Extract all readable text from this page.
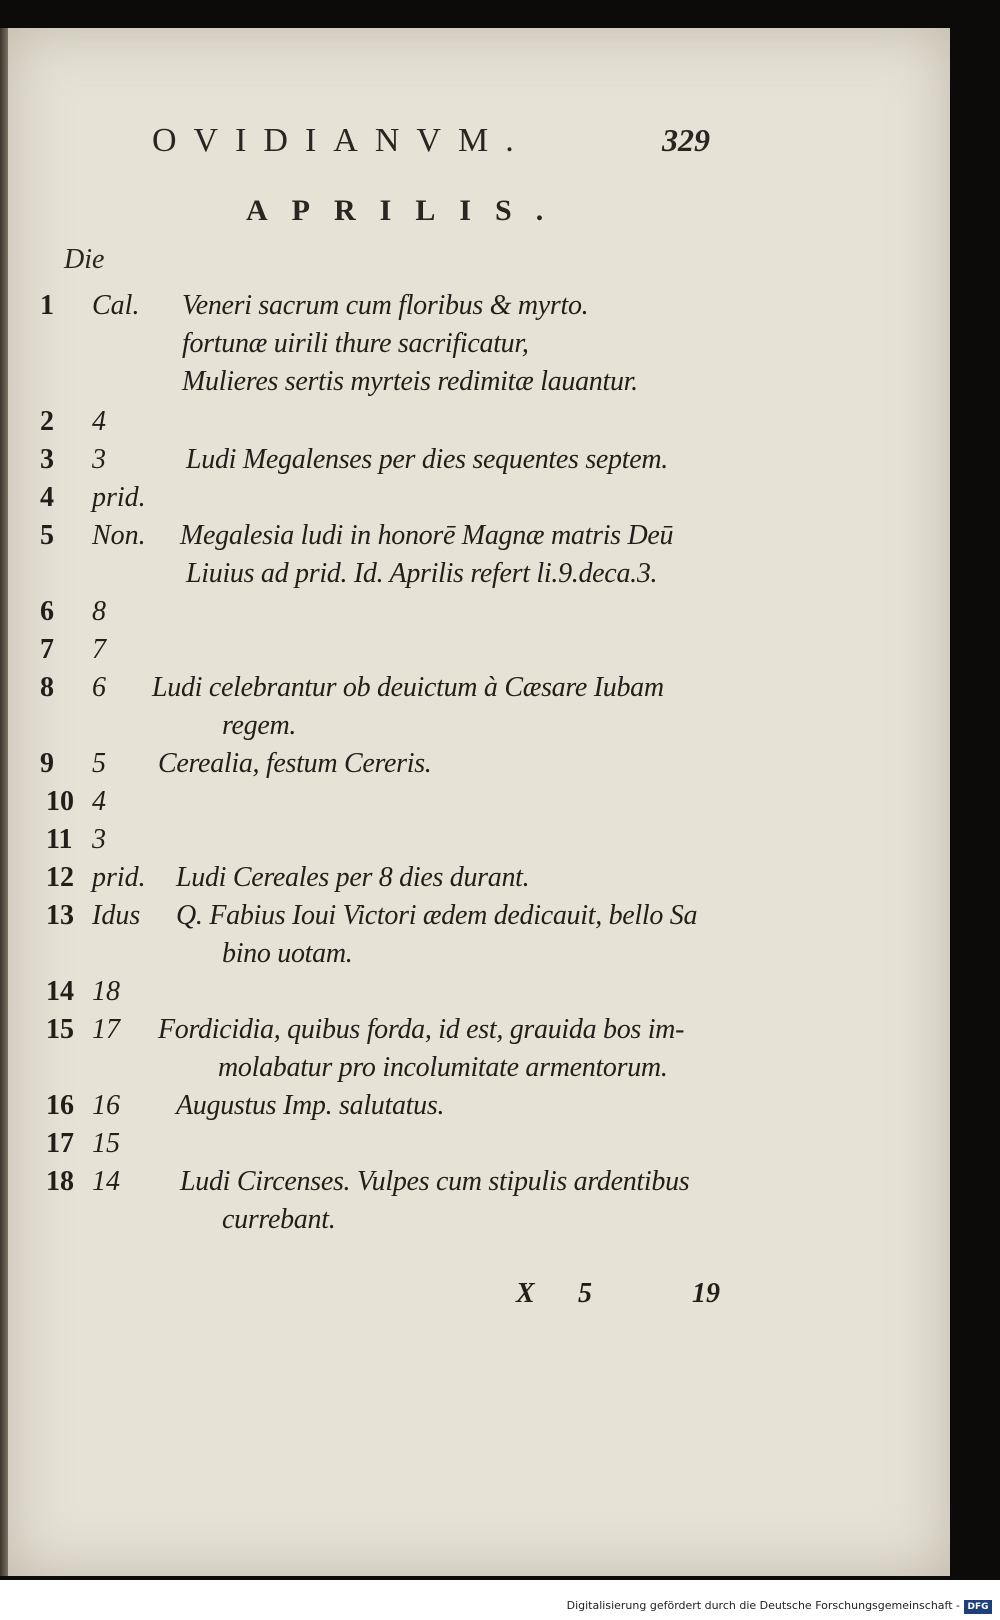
OVIDIANVM.	329
APRILIS.
Die
1 Cal. Veneri sacrum cum floribus & myrto.
fortunæ uirili thure sacrificatur,
Mulieres sertis myrteis redimitæ lauantur.
2 4
3 3	Ludi Megalenses per dies sequentes septem.
4 prid.
5 Non. Megalesia ludi in honorē Magnæ matris Deū
Liuius ad prid. Id. Aprilis refert li.9.deca.3.
6 8
7 7
8 6 Ludi celebrantur ob deuictum à Cæsare Iubam
regem.
9 5 Cerealia, festum Cereris.
10 4
11 3
12 prid. Ludi Cereales per 8 dies durant.
13 Idus Q. Fabius Ioui Victori ædem dedicauit, bello Sa
bino uotam.
14 18
15 17 Fordicidia, quibus forda, id est, grauida bos im-
molabatur pro incolumitate armentorum.
16 16 Augustus Imp. salutatus.
17 15
18 14 Ludi Circenses. Vulpes cum stipulis ardentibus
currebant.
X 5	19
Digitalisierung gefördert durch die Deutsche Forschungsgemeinschaft - DFG
